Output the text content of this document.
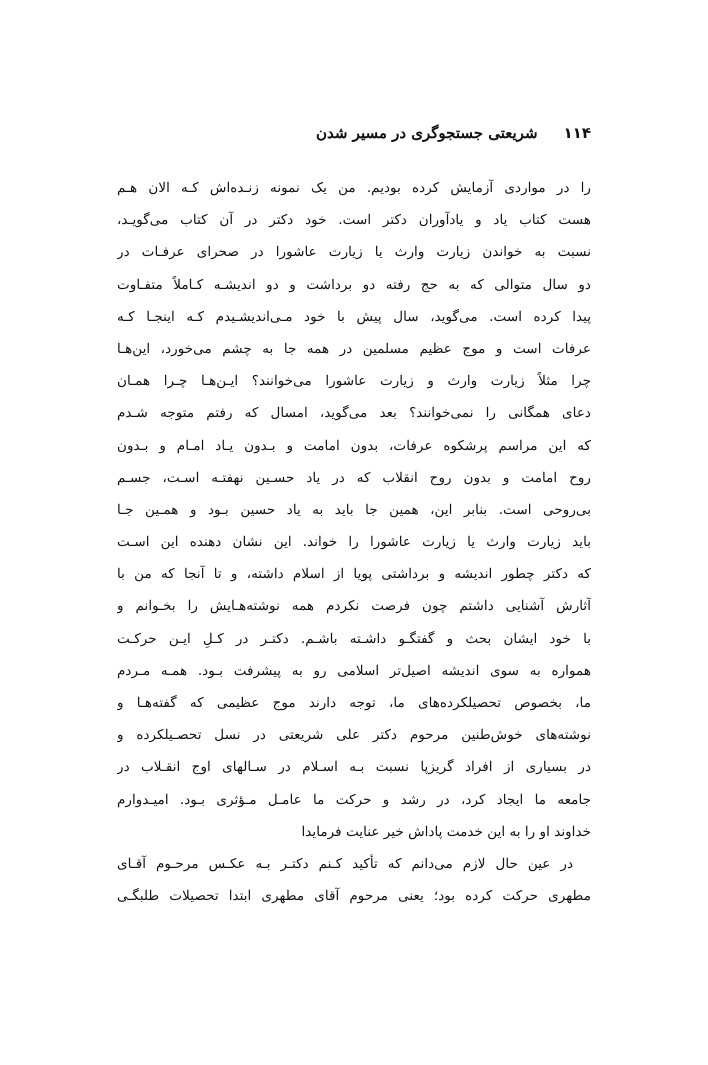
۱۱۴
شریعتی جستجوگری در مسیر شدن
را در مواردی آزمایش کرده بودیم. من یک نمونه زنـده‌اش کـه الان هـم
هست کتاب یاد و یادآوران دکتر است. خود دکتر در آن کتاب می‌گویـد،
نسبت به خواندن زیارت وارث یا زیارت عاشورا در صحرای عرفـات در
دو سال متوالی که به حج رفته دو برداشت و دو اندیشـه کـاملاً متفـاوت
پیدا کرده است. می‌گوید، سال پیش با خود مـی‌اندیشـیدم کـه اینجـا کـه
عرفات است و موج عظیم مسلمین در همه جا به چشم می‌خورد، این‌هـا
چرا مثلاً زیارت وارث و زیارت عاشورا می‌خوانند؟ ایـن‌هـا چـرا همـان
دعای همگانی را نمی‌خوانند؟ بعد می‌گوید، امسال که رفتم متوجه شـدم
که این مراسم پرشکوه عرفات، بدون امامت و بـدون یـاد امـام و بـدون
روح امامت و بدون روح انقلاب که در یاد حسـین نهفتـه اسـت، جسـم
بی‌روحی است. بنابر این، همین جا باید به یاد حسین بـود و همـین جـا
باید زیارت وارث یا زیارت عاشورا را خواند. این نشان دهنده این اسـت
که دکتر چطور اندیشه و برداشتی پویا از اسلام داشته، و تا آنجا که من با
آثارش آشنایی داشتم چون فرصت نکردم همه نوشته‌هـایش را بخـوانم و
با خود ایشان بحث و گفتگـو داشـته باشـم. دکتـر در کـلِ ایـن حرکـت
همواره به سوی اندیشه اصیل‌تر اسلامی رو به پیشرفت بـود. همـه مـردم
ما، بخصوص تحصیلکرده‌های ما، توجه دارند موج عظیمی که گفته‌هـا و
نوشته‌های خوش‌طنین مرحوم دکتر علی شریعتی در نسل تحصـیلکرده و
در بسیاری از افراد گریزپا نسبت بـه اسـلام در سـالهای اوج انقـلاب در
جامعه ما ایجاد کرد، در رشد و حرکت ما عامـل مـؤثری بـود. امیـدوارم
خداوند او را به این خدمت پاداش خیر عنایت فرمایدا
در عین حال لازم می‌دانم که تأکید کـنم دکتـر بـه عکـس مرحـوم آقـای
مطهری حرکت کرده بود؛ یعنی مرحوم آقای مطهری ابتدا تحصیلات طلبگـی
